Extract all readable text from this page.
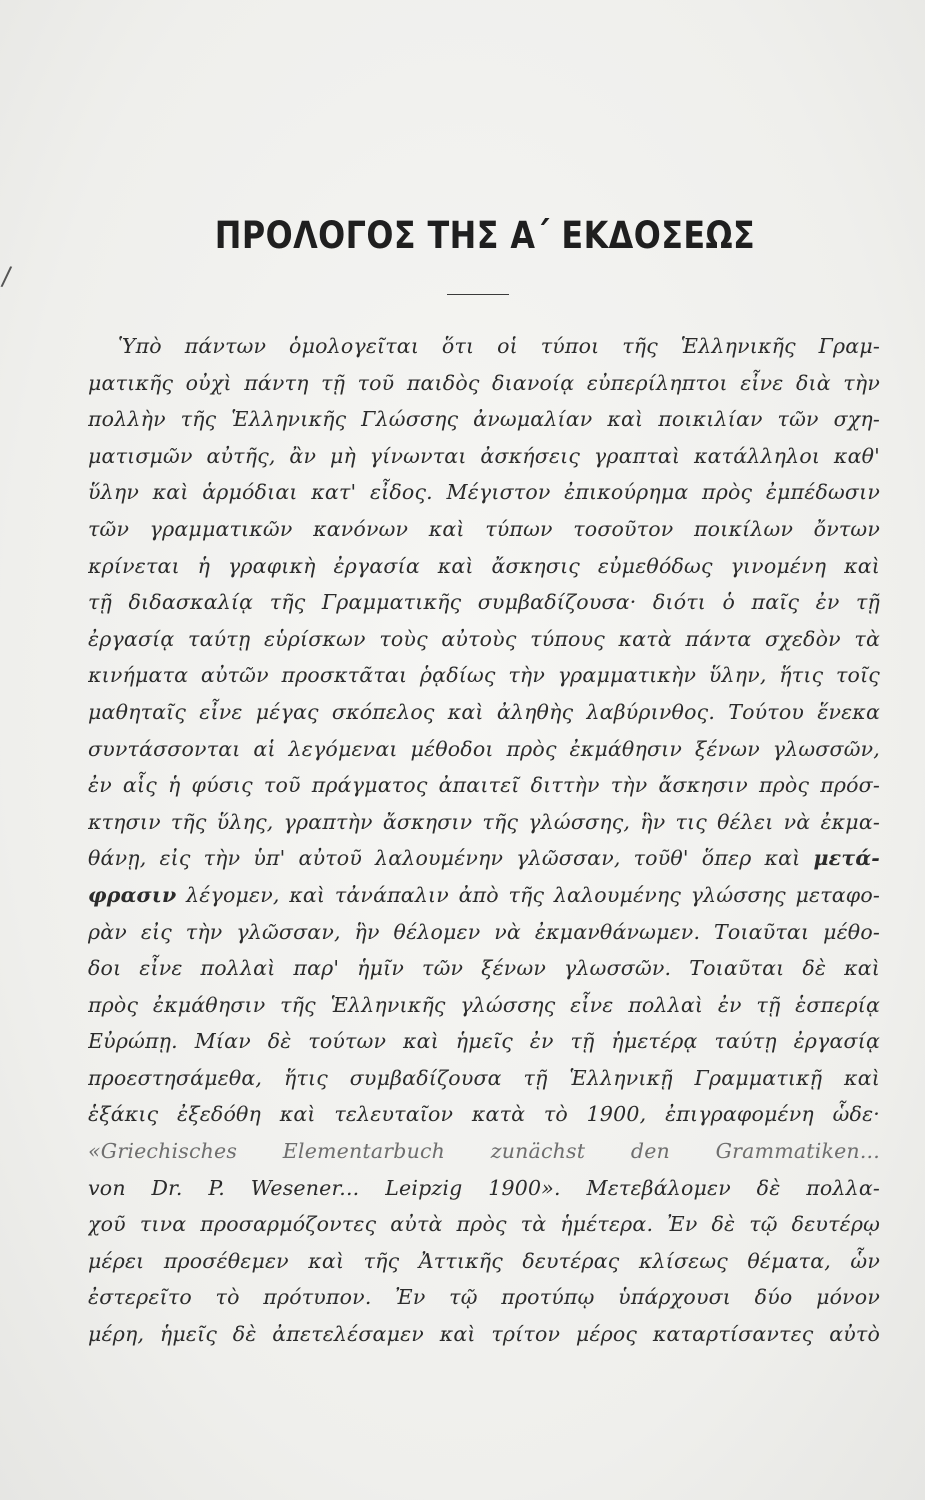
/
ΠΡΟΛΟΓΟΣ ΤΗΣ Α΄ ΕΚΔΟΣΕΩΣ
Ὑπὸ πάντων ὁμολογεῖται ὅτι οἱ τύποι τῆς Ἑλληνικῆς Γραμ-
ματικῆς οὐχὶ πάντη τῇ τοῦ παιδὸς διανοίᾳ εὐπερίληπτοι εἶνε διὰ τὴν
πολλὴν τῆς Ἑλληνικῆς Γλώσσης ἀνωμαλίαν καὶ ποικιλίαν τῶν σχη-
ματισμῶν αὐτῆς, ἂν μὴ γίνωνται ἀσκήσεις γραπταὶ κατάλληλοι καθ'
ὕλην καὶ ἁρμόδιαι κατ' εἶδος. Μέγιστον ἐπικούρημα πρὸς ἐμπέδωσιν
τῶν γραμματικῶν κανόνων καὶ τύπων τοσοῦτον ποικίλων ὄντων
κρίνεται ἡ γραφικὴ ἐργασία καὶ ἄσκησις εὐμεθόδως γινομένη καὶ
τῇ διδασκαλίᾳ τῆς Γραμματικῆς συμβαδίζουσα· διότι ὁ παῖς ἐν τῇ
ἐργασίᾳ ταύτῃ εὑρίσκων τοὺς αὐτοὺς τύπους κατὰ πάντα σχεδὸν τὰ
κινήματα αὐτῶν προσκτᾶται ῥᾳδίως τὴν γραμματικὴν ὕλην, ἥτις τοῖς
μαθηταῖς εἶνε μέγας σκόπελος καὶ ἀληθὴς λαβύρινθος. Τούτου ἕνεκα
συντάσσονται αἱ λεγόμεναι μέθοδοι πρὸς ἐκμάθησιν ξένων γλωσσῶν,
ἐν αἷς ἡ φύσις τοῦ πράγματος ἀπαιτεῖ διττὴν τὴν ἄσκησιν πρὸς πρόσ-
κτησιν τῆς ὕλης, γραπτὴν ἄσκησιν τῆς γλώσσης, ἣν τις θέλει νὰ ἐκμα-
θάνῃ, εἰς τὴν ὑπ' αὐτοῦ λαλουμένην γλῶσσαν, τοῦθ' ὅπερ καὶ μετά-
φρασιν λέγομεν, καὶ τἀνάπαλιν ἀπὸ τῆς λαλουμένης γλώσσης μεταφο-
ρὰν εἰς τὴν γλῶσσαν, ἣν θέλομεν νὰ ἐκμανθάνωμεν. Τοιαῦται μέθο-
δοι εἶνε πολλαὶ παρ' ἡμῖν τῶν ξένων γλωσσῶν. Τοιαῦται δὲ καὶ
πρὸς ἐκμάθησιν τῆς Ἑλληνικῆς γλώσσης εἶνε πολλαὶ ἐν τῇ ἑσπερίᾳ
Εὐρώπῃ. Μίαν δὲ τούτων καὶ ἡμεῖς ἐν τῇ ἡμετέρᾳ ταύτῃ ἐργασίᾳ
προεστησάμεθα, ἥτις συμβαδίζουσα τῇ Ἑλληνικῇ Γραμματικῇ καὶ
ἑξάκις ἐξεδόθη καὶ τελευταῖον κατὰ τὸ 1900, ἐπιγραφομένη ὧδε·
«Griechisches Elementarbuch zunächst den Grammatiken...
von Dr. P. Wesener... Leipzig 1900». Μετεβάλομεν δὲ πολλα-
χοῦ τινα προσαρμόζοντες αὐτὰ πρὸς τὰ ἡμέτερα. Ἐν δὲ τῷ δευτέρῳ
μέρει προσέθεμεν καὶ τῆς Ἀττικῆς δευτέρας κλίσεως θέματα, ὧν
ἐστερεῖτο τὸ πρότυπον. Ἐν τῷ προτύπῳ ὑπάρχουσι δύο μόνον
μέρη, ἡμεῖς δὲ ἀπετελέσαμεν καὶ τρίτον μέρος καταρτίσαντες αὐτὸ
